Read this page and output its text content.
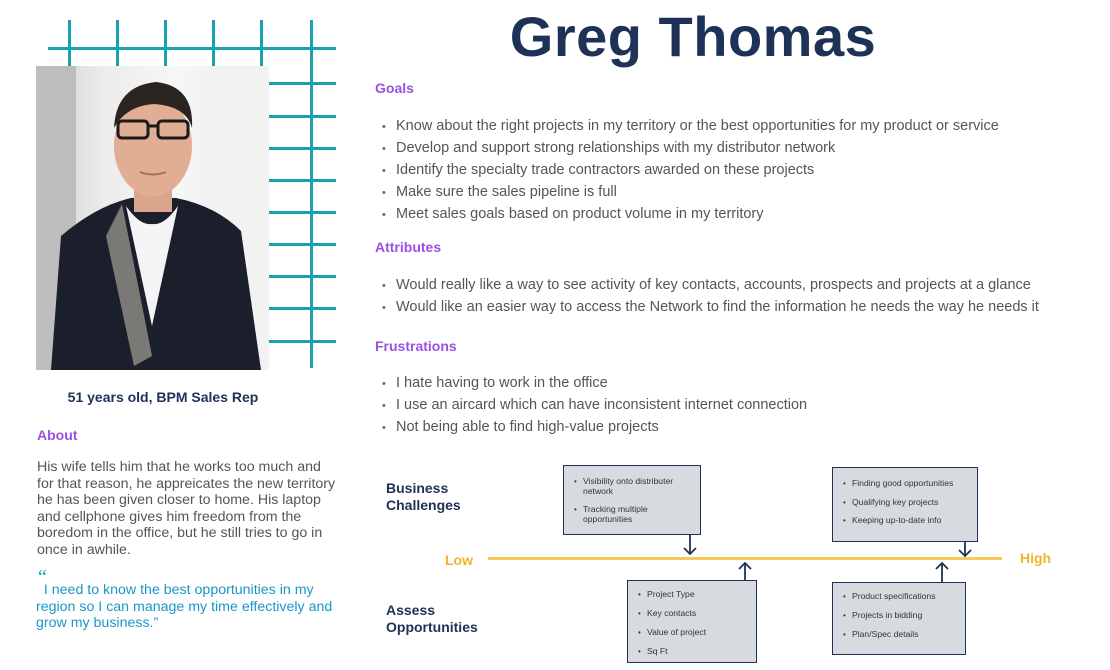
51 years old, BPM Sales Rep
About
His wife tells him that he works too much and for that reason, he appreicates the new territory he has been given closer to home. His laptop and cellphone gives him freedom from the boredom in the office, but he still tries to go in once in awhile.
“
I need to know the best opportunities in my region so I can manage my time effectively and grow my business.”
Greg Thomas
Goals
• Know about the right projects in my territory or the best opportunities for my product or service
• Develop and support strong relationships with my distributor network
• Identify the specialty trade contractors awarded on these projects
• Make sure the sales pipeline is full
• Meet sales goals based on product volume in my territory
Attributes
• Would really like a way to see activity of key contacts, accounts, prospects and projects at a glance
• Would like an easier way to access the Network to find the information he needs the way he needs it
Frustrations
• I hate having to work in the office
• I use an aircard which can have inconsistent internet connection
• Not being able to find high-value projects
Business Challenges
Assess Opportunities
Low	High
• Visibility onto distributer network
• Tracking multiple opportunities
• Finding good opportunities
• Qualifying key projects
• Keeping up-to-date info
• Project Type
• Key contacts
• Value of project
• Sq Ft
• Product specifications
• Projects in bidding
• Plan/Spec details
